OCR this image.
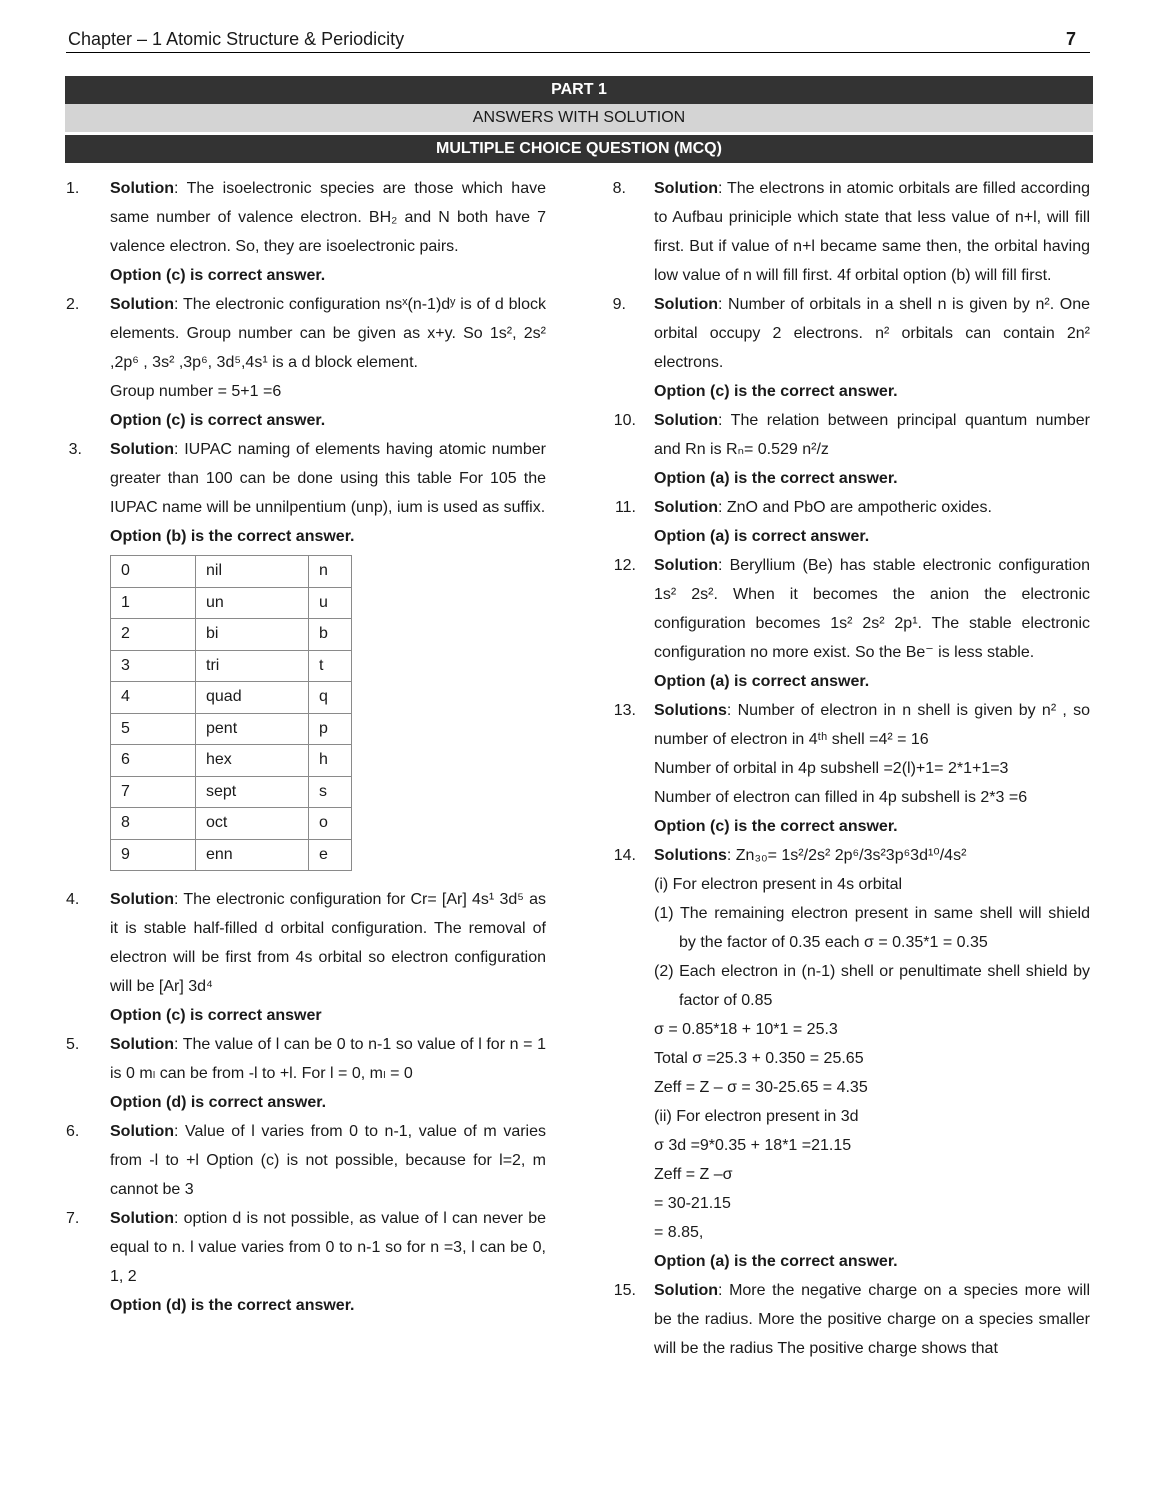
Chapter – 1 Atomic Structure & Periodicity	7
PART 1
ANSWERS WITH SOLUTION
MULTIPLE CHOICE QUESTION (MCQ)
1.	Solution: The isoelectronic species are those which have same number of valence electron. BH₂ and N both have 7 valence electron. So, they are isoelectronic pairs.

Option (c) is correct answer.

2.	Solution: The electronic configuration nsˣ(n-1)dʸ is of d block elements. Group number can be given as x+y. So 1s², 2s² ,2p⁶ , 3s² ,3p⁶, 3d⁵,4s¹ is a d block element.

Group number = 5+1 =6

Option (c) is correct answer.

3. Solution: IUPAC naming of elements having atomic number greater than 100 can be done using this table For 105 the IUPAC name will be unnilpentium (unp), ium is used as suffix.

Option (b) is the correct answer.

0	nil	n
1	un	u
2	bi	b
3	tri	t
4	quad	q
5	pent	p
6	hex	h
7	sept	s
8	oct	o
9	enn	e
4.	Solution: The electronic configuration for Cr= [Ar] 4s¹ 3d⁵ as it is stable half-filled d orbital configuration. The removal of electron will be first from 4s orbital so electron configuration will be [Ar] 3d⁴

Option (c) is correct answer

5.	Solution: The value of l can be 0 to n-1 so value of l for n = 1 is 0 mₗ can be from -l to +l. For l = 0, mₗ = 0

Option (d) is correct answer.

6.	Solution: Value of l varies from 0 to n-1, value of m varies from -l to +l Option (c) is not possible, because for l=2, m cannot be 3

7.	Solution: option d is not possible, as value of l can never be equal to n. l value varies from 0 to n-1 so for n =3, l can be 0, 1, 2

Option (d) is the correct answer.

8. Solution: The electrons in atomic orbitals are filled according to Aufbau priniciple which state that less value of n+l, will fill first. But if value of n+l became same then, the orbital having low value of n will fill first. 4f orbital option (b) will fill first.

9. Solution: Number of orbitals in a shell n is given by n². One orbital occupy 2 electrons. n² orbitals can contain 2n² electrons.

Option (c) is the correct answer.

10. Solution: The relation between principal quantum number and Rn is Rₙ= 0.529 n²/z

Option (a) is the correct answer.

11. Solution: ZnO and PbO are ampotheric oxides.

Option (a) is correct answer.

12. Solution: Beryllium (Be) has stable electronic configuration 1s² 2s². When it becomes the anion the electronic configuration becomes 1s² 2s² 2p¹. The stable electronic configuration no more exist. So the Be⁻ is less stable.

Option (a) is correct answer.

13. Solutions: Number of electron in n shell is given by n² , so number of electron in 4ᵗʰ shell =4² = 16

Number of orbital in 4p subshell =2(l)+1= 2*1+1=3

Number of electron can filled in 4p subshell is 2*3 =6

Option (c) is the correct answer.

14. Solutions: Zn₃₀= 1s²/2s² 2p⁶/3s²3p⁶3d¹⁰/4s²

(i) For electron present in 4s orbital

(1) The remaining electron present in same shell will shield by the factor of 0.35 each σ = 0.35*1 = 0.35

(2) Each electron in (n-1) shell or penultimate shell shield by factor of 0.85

σ = 0.85*18 + 10*1 = 25.3

Total σ =25.3 + 0.350 = 25.65

Zeff = Z – σ = 30-25.65 = 4.35

(ii) For electron present in 3d

σ 3d =9*0.35 + 18*1 =21.15

Zeff = Z –σ

= 30-21.15

= 8.85,

Option (a) is the correct answer.

15. Solution: More the negative charge on a species more will be the radius. More the positive charge on a species smaller will be the radius The positive charge shows that
